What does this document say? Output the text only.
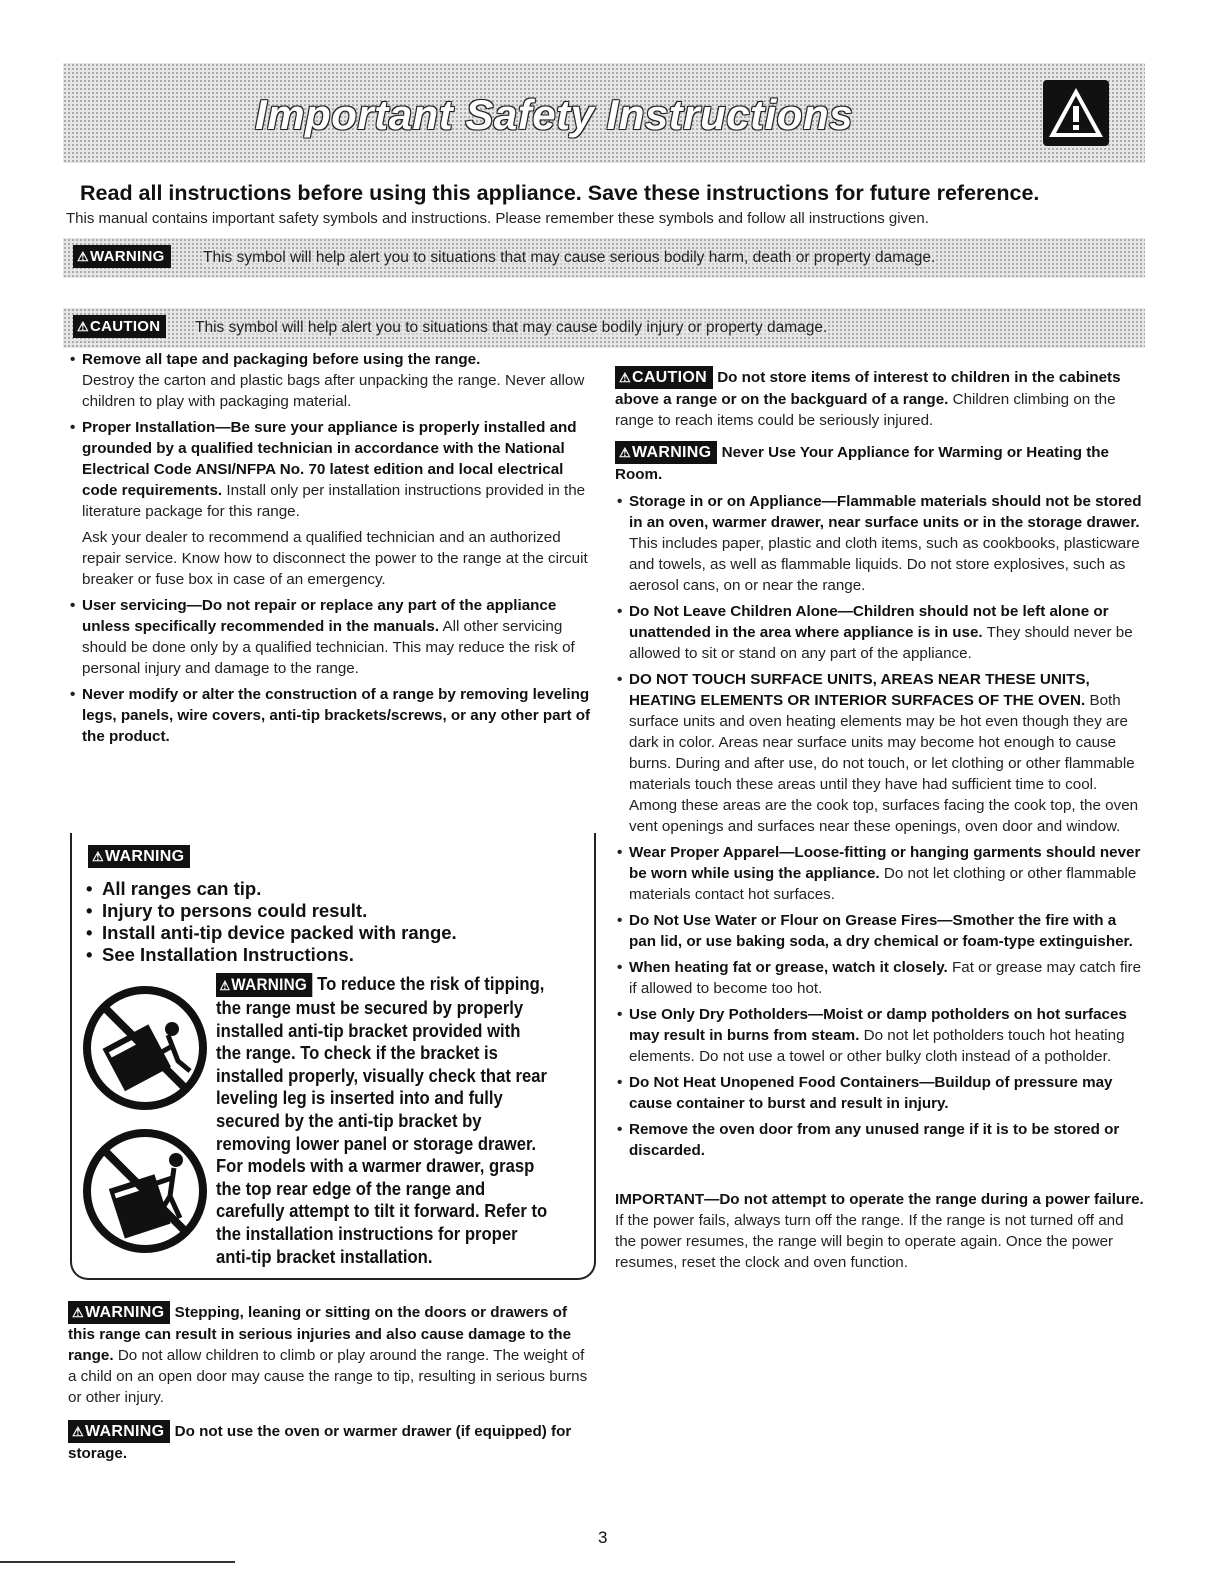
Important Safety Instructions
Read all instructions before using this appliance. Save these instructions for future reference.
This manual contains important safety symbols and instructions. Please remember these symbols and follow all instructions given.
⚠WARNING	This symbol will help alert you to situations that may cause serious bodily harm, death or property damage.
⚠CAUTION	This symbol will help alert you to situations that may cause bodily injury or property damage.
• Remove all tape and packaging before using the range.
Destroy the carton and plastic bags after unpacking the range. Never allow children to play with packaging material.
• Proper Installation—Be sure your appliance is properly installed and grounded by a qualified technician in accordance with the National Electrical Code ANSI/NFPA No. 70 latest edition and local electrical code requirements. Install only per installation instructions provided in the literature package for this range.
Ask your dealer to recommend a qualified technician and an authorized repair service. Know how to disconnect the power to the range at the circuit breaker or fuse box in case of an emergency.
• User servicing—Do not repair or replace any part of the appliance unless specifically recommended in the manuals. All other servicing should be done only by a qualified technician. This may reduce the risk of personal injury and damage to the range.
• Never modify or alter the construction of a range by removing leveling legs, panels, wire covers, anti-tip brackets/screws, or any other part of the product.
⚠WARNING
• All ranges can tip.
• Injury to persons could result.
• Install anti-tip device packed with range.
• See Installation Instructions.
⚠WARNING To reduce the risk of tipping, the range must be secured by properly installed anti-tip bracket provided with the range. To check if the bracket is installed properly, visually check that rear leveling leg is inserted into and fully secured by the anti-tip bracket by removing lower panel or storage drawer. For models with a warmer drawer, grasp the top rear edge of the range and carefully attempt to tilt it forward. Refer to the installation instructions for proper anti-tip bracket installation.

⚠WARNING Stepping, leaning or sitting on the doors or drawers of this range can result in serious injuries and also cause damage to the range. Do not allow children to climb or play around the range. The weight of a child on an open door may cause the range to tip, resulting in serious burns or other injury.

⚠WARNING Do not use the oven or warmer drawer (if equipped) for storage.

⚠CAUTION Do not store items of interest to children in the cabinets above a range or on the backguard of a range. Children climbing on the range to reach items could be seriously injured.

⚠WARNING Never Use Your Appliance for Warming or Heating the Room.

• Storage in or on Appliance—Flammable materials should not be stored in an oven, warmer drawer, near surface units or in the storage drawer. This includes paper, plastic and cloth items, such as cookbooks, plasticware and towels, as well as flammable liquids. Do not store explosives, such as aerosol cans, on or near the range.
• Do Not Leave Children Alone—Children should not be left alone or unattended in the area where appliance is in use. They should never be allowed to sit or stand on any part of the appliance.
• DO NOT TOUCH SURFACE UNITS, AREAS NEAR THESE UNITS, HEATING ELEMENTS OR INTERIOR SURFACES OF THE OVEN. Both surface units and oven heating elements may be hot even though they are dark in color. Areas near surface units may become hot enough to cause burns. During and after use, do not touch, or let clothing or other flammable materials touch these areas until they have had sufficient time to cool. Among these areas are the cook top, surfaces facing the cook top, the oven vent openings and surfaces near these openings, oven door and window.
• Wear Proper Apparel—Loose-fitting or hanging garments should never be worn while using the appliance. Do not let clothing or other flammable materials contact hot surfaces.
• Do Not Use Water or Flour on Grease Fires—Smother the fire with a pan lid, or use baking soda, a dry chemical or foam-type extinguisher.
• When heating fat or grease, watch it closely. Fat or grease may catch fire if allowed to become too hot.
• Use Only Dry Potholders—Moist or damp potholders on hot surfaces may result in burns from steam. Do not let potholders touch hot heating elements. Do not use a towel or other bulky cloth instead of a potholder.
• Do Not Heat Unopened Food Containers—Buildup of pressure may cause container to burst and result in injury.
• Remove the oven door from any unused range if it is to be stored or discarded.

IMPORTANT—Do not attempt to operate the range during a power failure. If the power fails, always turn off the range. If the range is not turned off and the power resumes, the range will begin to operate again. Once the power resumes, reset the clock and oven function.

3
